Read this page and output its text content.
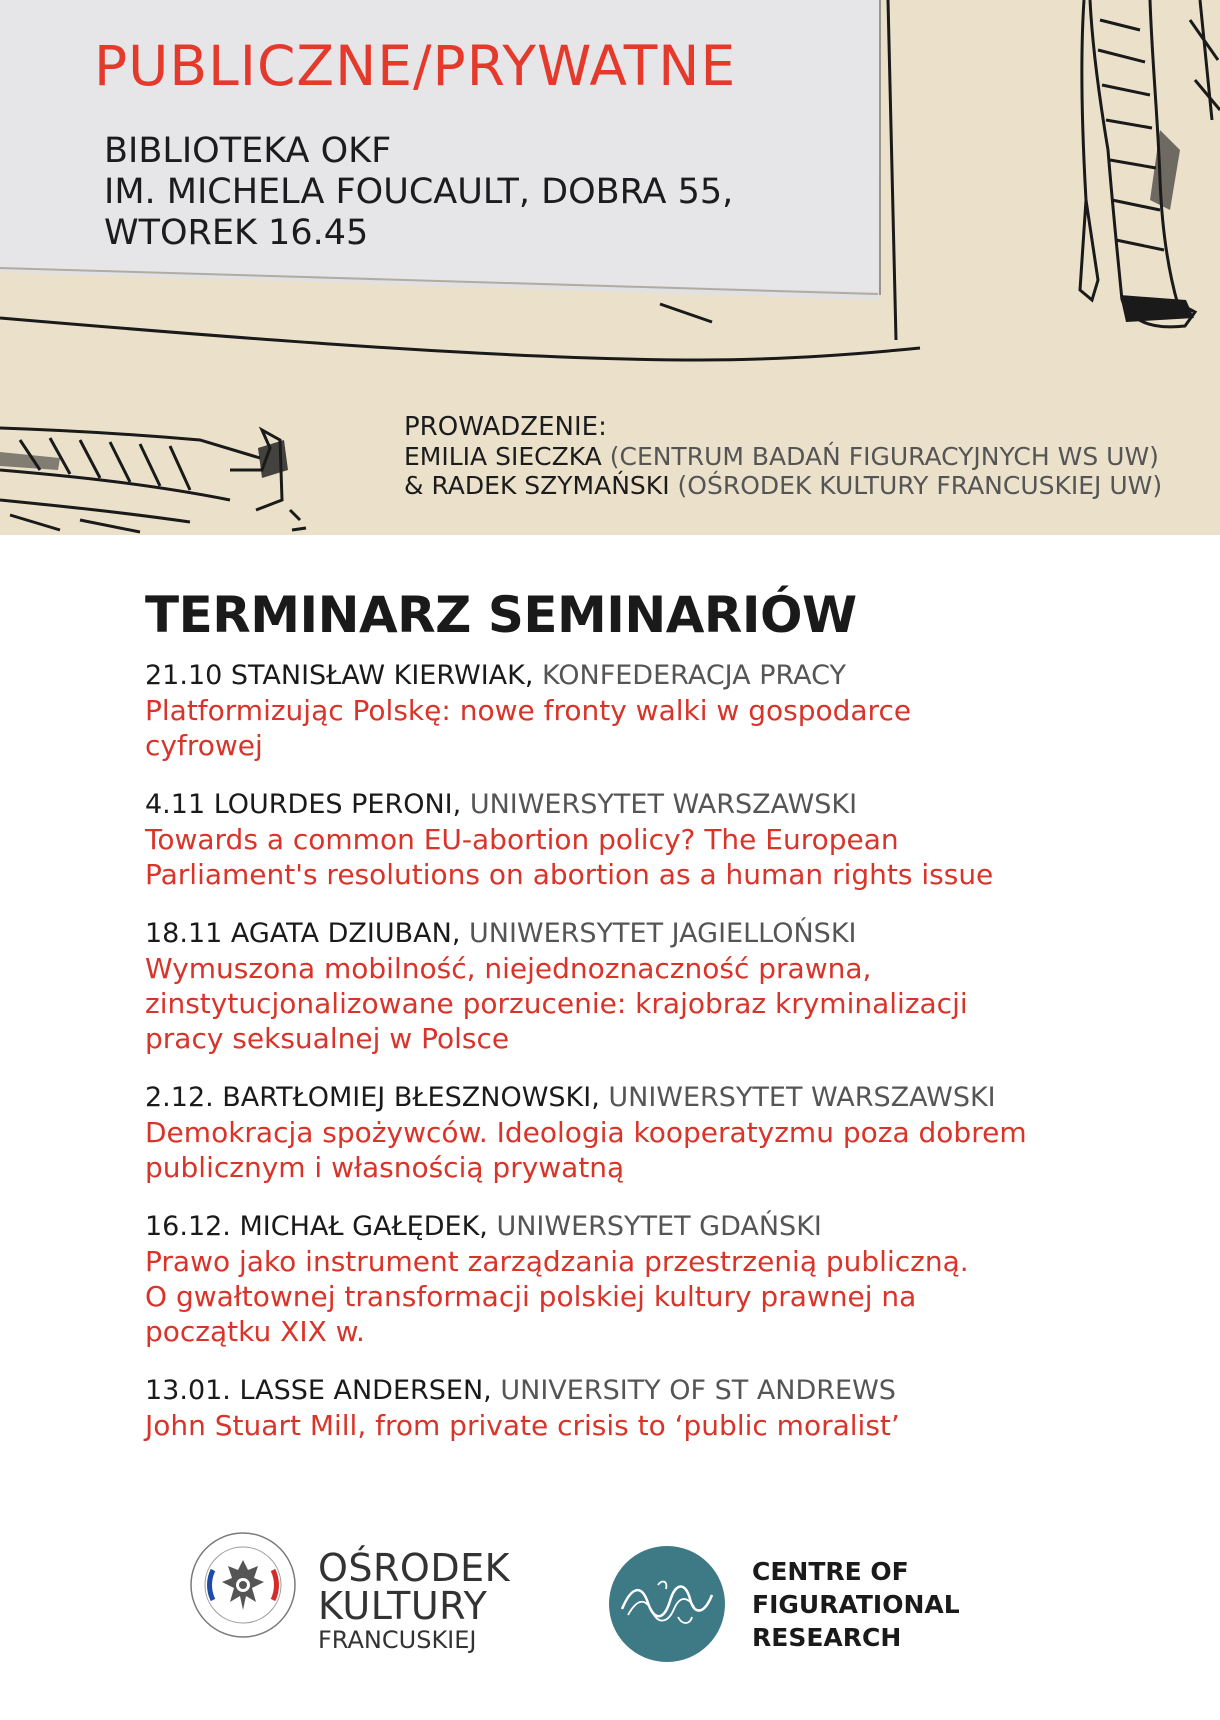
PUBLICZNE/PRYWATNE
BIBLIOTEKA OKF
IM. MICHELA FOUCAULT, DOBRA 55,
WTOREK 16.45
PROWADZENIE:
EMILIA SIECZKA (CENTRUM BADAŃ FIGURACYJNYCH WS UW)
& RADEK SZYMAŃSKI (OŚRODEK KULTURY FRANCUSKIEJ UW)
TERMINARZ SEMINARIÓW
21.10 STANISŁAW KIERWIAK, KONFEDERACJA PRACY
Platformizując Polskę: nowe fronty walki w gospodarce
cyfrowej
4.11 LOURDES PERONI, UNIWERSYTET WARSZAWSKI
Towards a common EU-abortion policy? The European
Parliament's resolutions on abortion as a human rights issue
18.11 AGATA DZIUBAN, UNIWERSYTET JAGIELLOŃSKI
Wymuszona mobilność, niejednoznaczność prawna,
zinstytucjonalizowane porzucenie: krajobraz kryminalizacji
pracy seksualnej w Polsce
2.12. BARTŁOMIEJ BŁESZNOWSKI, UNIWERSYTET WARSZAWSKI
Demokracja spożywców. Ideologia kooperatyzmu poza dobrem
publicznym i własnością prywatną
16.12. MICHAŁ GAŁĘDEK, UNIWERSYTET GDAŃSKI
Prawo jako instrument zarządzania przestrzenią publiczną.
O gwałtownej transformacji polskiej kultury prawnej na
początku XIX w.
13.01. LASSE ANDERSEN, UNIVERSITY OF ST ANDREWS
John Stuart Mill, from private crisis to ‘public moralist’
OŚRODEK
KULTURY
FRANCUSKIEJ
CENTRE OF
FIGURATIONAL
RESEARCH
